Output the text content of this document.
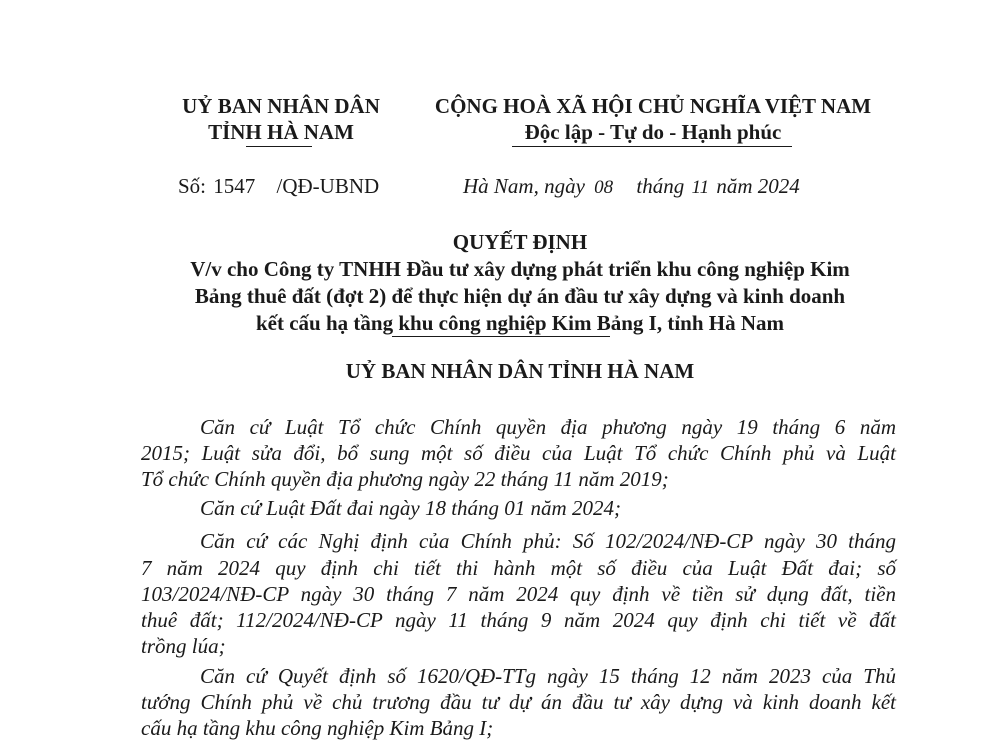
UỶ BAN NHÂN DÂN
TỈNH HÀ NAM
CỘNG HOÀ XÃ HỘI CHỦ NGHĨA VIỆT NAM
Độc lập - Tự do - Hạnh phúc
Số: 1547 /QĐ-UBND	Hà Nam, ngày 08 tháng 11 năm 2024
QUYẾT ĐỊNH
V/v cho Công ty TNHH Đầu tư xây dựng phát triển khu công nghiệp Kim
Bảng thuê đất (đợt 2) để thực hiện dự án đầu tư xây dựng và kinh doanh
kết cấu hạ tầng khu công nghiệp Kim Bảng I, tỉnh Hà Nam
UỶ BAN NHÂN DÂN TỈNH HÀ NAM
Căn cứ Luật Tổ chức Chính quyền địa phương ngày 19 tháng 6 năm
2015; Luật sửa đổi, bổ sung một số điều của Luật Tổ chức Chính phủ và Luật
Tổ chức Chính quyền địa phương ngày 22 tháng 11 năm 2019;
Căn cứ Luật Đất đai ngày 18 tháng 01 năm 2024;
Căn cứ các Nghị định của Chính phủ: Số 102/2024/NĐ-CP ngày 30 tháng
7 năm 2024 quy định chi tiết thi hành một số điều của Luật Đất đai; số
103/2024/NĐ-CP ngày 30 tháng 7 năm 2024 quy định về tiền sử dụng đất, tiền
thuê đất; 112/2024/NĐ-CP ngày 11 tháng 9 năm 2024 quy định chi tiết về đất
trồng lúa;
Căn cứ Quyết định số 1620/QĐ-TTg ngày 15 tháng 12 năm 2023 của Thủ
tướng Chính phủ về chủ trương đầu tư dự án đầu tư xây dựng và kinh doanh kết
cấu hạ tầng khu công nghiệp Kim Bảng I;
